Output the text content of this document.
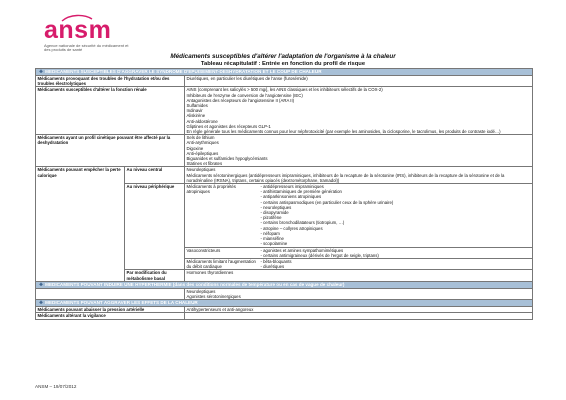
ansm
Agence nationale de sécurité du médicament et des produits de santé
Médicaments susceptibles d'altérer l'adaptation de l'organisme à la chaleur
Tableau récapitulatif : Entrée en fonction du profil de risque
❖ MEDICAMENTS SUSCEPTIBLES D'AGGRAVER LE SYNDROME D'EPUISEMENT-DESHYDRATATION ET LE COUP DE CHALEUR
Médicaments provoquant des troubles de l'hydratation et/ou des troubles électrolytiques	Diurétiques, en particulier les diurétiques de l'anse (furosémide)
Médicaments susceptibles d'altérer la fonction rénale	AINS (comprenant les salicylés > 500 mg/j, les AINS classiques et les inhibiteurs sélectifs de la COX-2)
Inhibiteurs de l'enzyme de conversion de l'angiotensine (IEC)
Antagonistes des récepteurs de l'angiotensine II (ARA II)
Sulfamides
Indinavir
Aliskirène
Anti-aldostérone
Gliptines et agonistes des récepteurs GLP-1
En règle générale tous les médicaments connus pour leur néphrotoxicité (par exemple les aminosides, la ciclosporine, le tacrolimus, les produits de contraste iodé…)

Médicaments ayant un profil cinétique pouvant être affecté par la deshydratation	
Sels de lithium
Anti-arythmiques
Digoxine
Anti-épileptiques
Biguanides et sulfamides hypoglycémiants
Statines et fibrates

Médicaments pouvant empêcher la perte calorique	Au niveau central	Neuroleptiques
Médicaments sérotoninergiques (antidépresseurs imipraminiques, inhibiteurs de la recapture de la sérotonine (IRS), inhibiteurs de la recapture de la sérotonine et de la noradrénaline (IRSNA), triptans, certains opiacés (dextrométorphane, tramadol))

Au niveau périphérique		Médicaments à propriétés atropiniques	
- antidépresseurs imipraminiques
- antihistaminiques de première génération
- antiparkinsoniens atropiniques
- certains antispasmodiques (en particulier ceux de la sphère urinaire)
- neuroleptiques
- disopyramide
- pizotifène
- certains bronchodilatateurs (tiotropium, …)
- atropine – collyres atropiniques
- néfopam
- mianséfine
- scopolamine

Vasoconstricteurs	- agonistes et amines sympathomimétiques
- certains antimigraineux (dérivés de l'ergot de seigle, triptans)

Médicaments limitant l'augmentation du débit cardiaque	
- bêta-bloquants
- diurétiques

Par modification du métabolisme basal	Hormones thyroïdiennes
❖ MEDICAMENTS POUVANT INDUIRE UNE HYPERTHERMIE (dans des conditions normales de température ou en cas de vague de chaleur)

Neuroleptiques
Agonistes sérotoninergiques

❖ MEDICAMENTS POUVANT AGGRAVER LES EFFETS DE LA CHALEUR
Médicaments pouvant abaisser la pression artérielle	Antihypertenseurs et anti-angoreux
Médicaments altérant la vigilance	
ANSM – 19/07/2012
